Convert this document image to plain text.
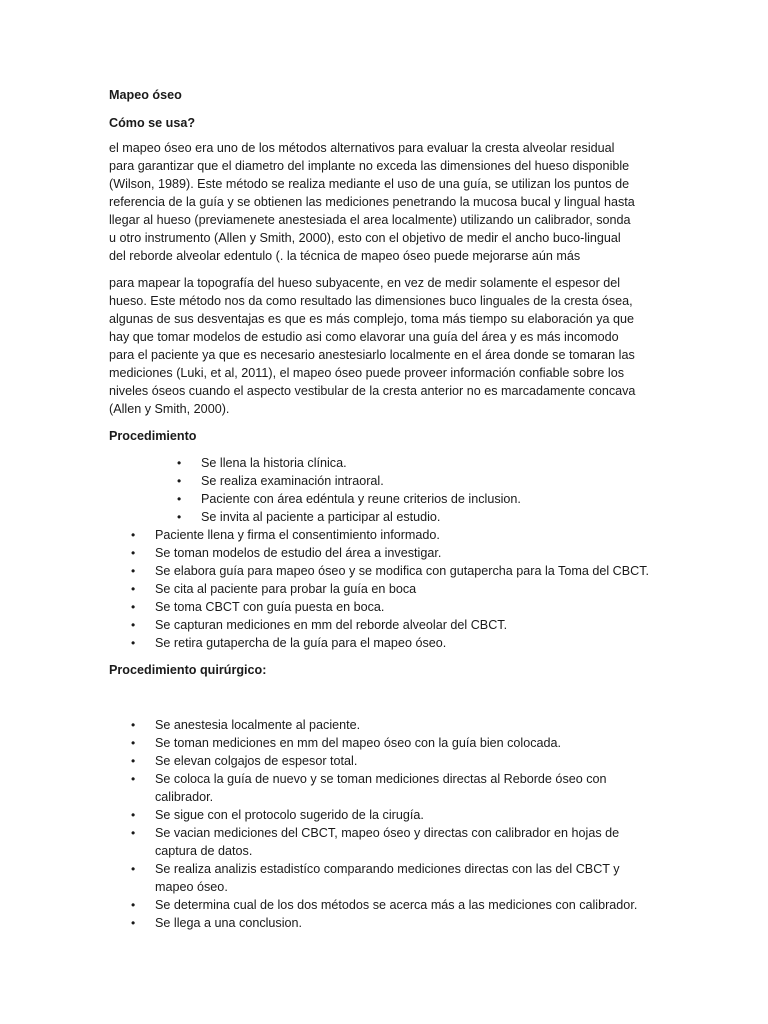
Mapeo óseo

Cómo se usa?

el mapeo óseo era uno de los métodos alternativos para evaluar la cresta alveolar residual
para garantizar que el diametro del implante no exceda las dimensiones del hueso disponible
(Wilson, 1989). Este método se realiza mediante el uso de una guía, se utilizan los puntos de
referencia de la guía y se obtienen las mediciones penetrando la mucosa bucal y lingual hasta
llegar al hueso (previamenete anestesiada el area localmente) utilizando un calibrador, sonda
u otro instrumento (Allen y Smith, 2000), esto con el objetivo de medir el ancho buco-lingual
del reborde alveolar edentulo (. la técnica de mapeo óseo puede mejorarse aún más

para mapear la topografía del hueso subyacente, en vez de medir solamente el espesor del
hueso. Este método nos da como resultado las dimensiones buco linguales de la cresta ósea,
algunas de sus desventajas es que es más complejo, toma más tiempo su elaboración ya que
hay que tomar modelos de estudio asi como elavorar una guía del área y es más incomodo
para el paciente ya que es necesario anestesiarlo localmente en el área donde se tomaran las
mediciones (Luki, et al, 2011), el mapeo óseo puede proveer información confiable sobre los
niveles óseos cuando el aspecto vestibular de la cresta anterior no es marcadamente concava
(Allen y Smith, 2000).

Procedimiento

• Se llena la historia clínica.
• Se realiza examinación intraoral.
• Paciente con área edéntula y reune criterios de inclusion.
• Se invita al paciente a participar al estudio.
• Paciente llena y firma el consentimiento informado.
• Se toman modelos de estudio del área a investigar.
• Se elabora guía para mapeo óseo y se modifica con gutapercha para la Toma del CBCT.
• Se cita al paciente para probar la guía en boca
• Se toma CBCT con guía puesta en boca.
• Se capturan mediciones en mm del reborde alveolar del CBCT.
• Se retira gutapercha de la guía para el mapeo óseo.

Procedimiento quirúrgico:

• Se anestesia localmente al paciente.
• Se toman mediciones en mm del mapeo óseo con la guía bien colocada.
• Se elevan colgajos de espesor total.
• Se coloca la guía de nuevo y se toman mediciones directas al Reborde óseo con
calibrador.
• Se sigue con el protocolo sugerido de la cirugía.
• Se vacian mediciones del CBCT, mapeo óseo y directas con calibrador en hojas de
captura de datos.
• Se realiza analizis estadistíco comparando mediciones directas con las del CBCT y
mapeo óseo.
• Se determina cual de los dos métodos se acerca más a las mediciones con calibrador.
• Se llega a una conclusion.
